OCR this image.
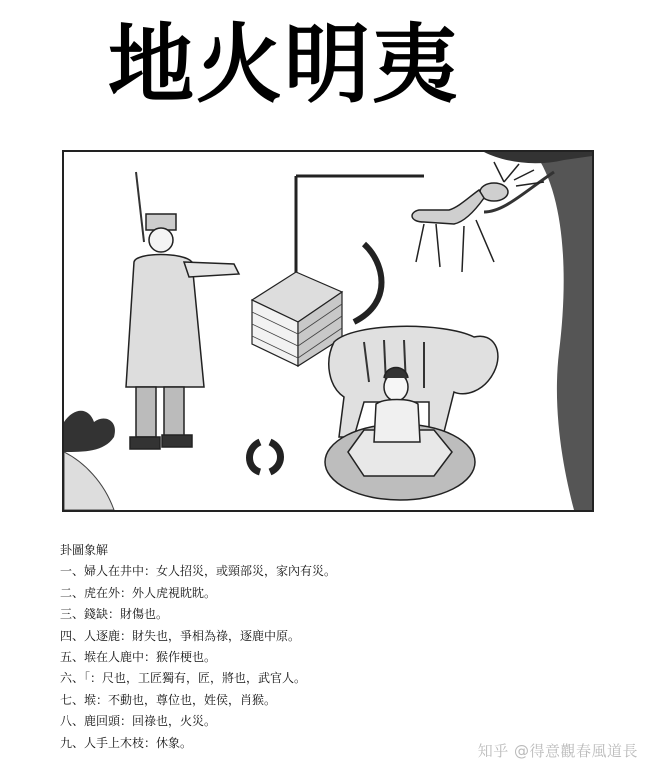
地火明夷
卦圖象解
一、婦人在井中：女人招災，或頸部災，家內有災。
二、虎在外：外人虎視眈眈。
三、錢缺：財傷也。
四、人逐鹿：財失也，爭相為祿，逐鹿中原。
五、堠在人鹿中：猴作梗也。
六、「：尺也，工匠獨有，匠，將也，武官人。
七、堠：不動也，尊位也，姓侯，肖猴。
八、鹿回頭：回祿也，火災。
九、人手上木枝：休象。	知乎 @得意觀春風道長
